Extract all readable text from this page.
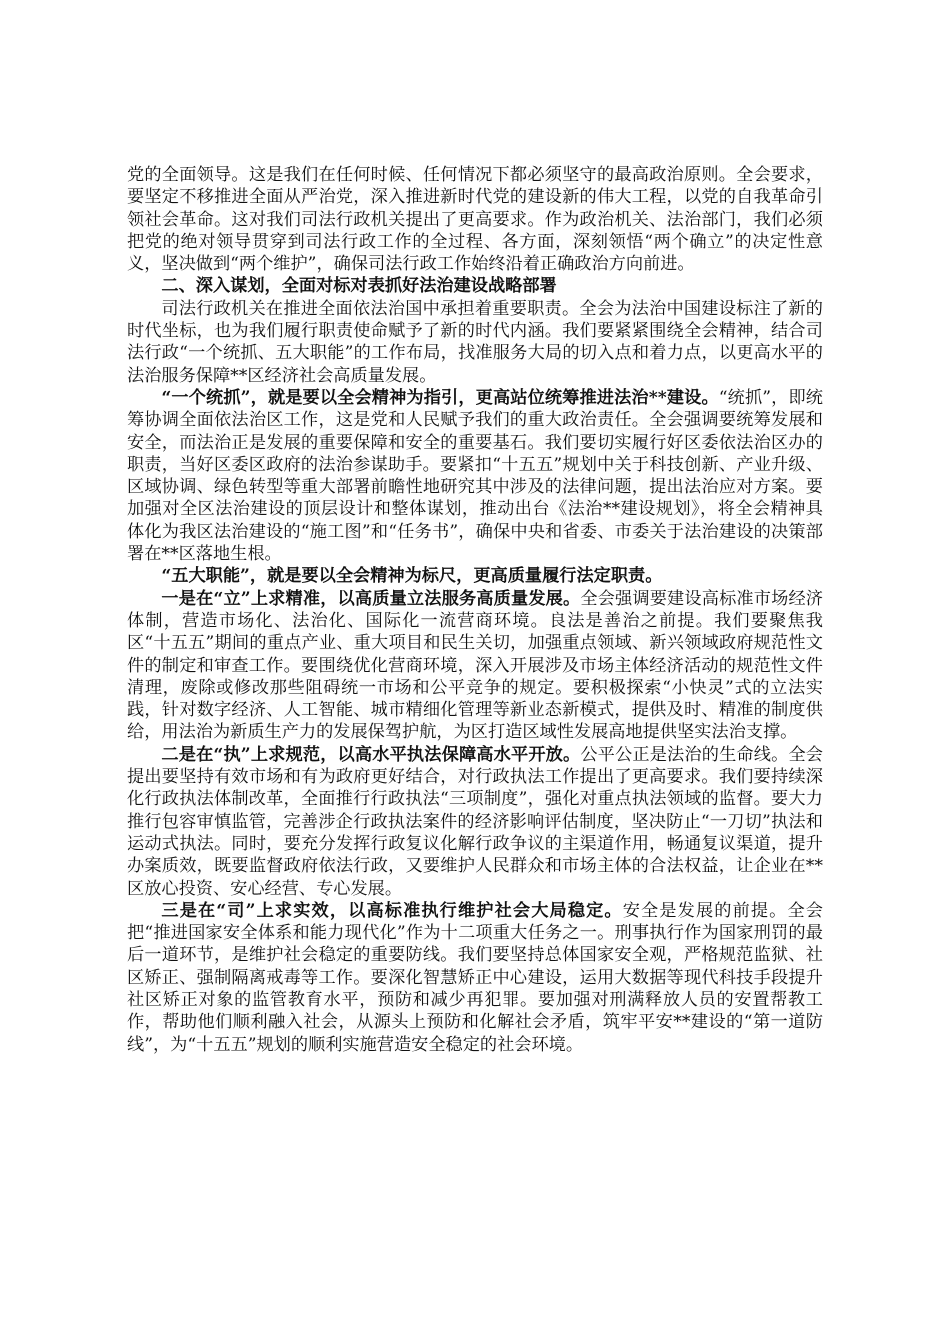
党的全面领导。这是我们在任何时候、任何情况下都必须坚守的最高政治原则。全会要求，要坚定不移推进全面从严治党，深入推进新时代党的建设新的伟大工程，以党的自我革命引领社会革命。这对我们司法行政机关提出了更高要求。作为政治机关、法治部门，我们必须把党的绝对领导贯穿到司法行政工作的全过程、各方面，深刻领悟“两个确立”的决定性意义，坚决做到“两个维护”，确保司法行政工作始终沿着正确政治方向前进。

二、深入谋划，全面对标对表抓好法治建设战略部署

司法行政机关在推进全面依法治国中承担着重要职责。全会为法治中国建设标注了新的时代坐标，也为我们履行职责使命赋予了新的时代内涵。我们要紧紧围绕全会精神，结合司法行政“一个统抓、五大职能”的工作布局，找准服务大局的切入点和着力点，以更高水平的法治服务保障**区经济社会高质量发展。

“一个统抓”，就是要以全会精神为指引，更高站位统筹推进法治**建设。“统抓”，即统筹协调全面依法治区工作，这是党和人民赋予我们的重大政治责任。全会强调要统筹发展和安全，而法治正是发展的重要保障和安全的重要基石。我们要切实履行好区委依法治区办的职责，当好区委区政府的法治参谋助手。要紧扣“十五五”规划中关于科技创新、产业升级、区域协调、绿色转型等重大部署前瞻性地研究其中涉及的法律问题，提出法治应对方案。要加强对全区法治建设的顶层设计和整体谋划，推动出台《法治**建设规划》，将全会精神具体化为我区法治建设的“施工图”和“任务书”，确保中央和省委、市委关于法治建设的决策部署在**区落地生根。

“五大职能”，就是要以全会精神为标尺，更高质量履行法定职责。

一是在“立”上求精准，以高质量立法服务高质量发展。全会强调要建设高标准市场经济体制，营造市场化、法治化、国际化一流营商环境。良法是善治之前提。我们要聚焦我区“十五五”期间的重点产业、重大项目和民生关切，加强重点领域、新兴领域政府规范性文件的制定和审查工作。要围绕优化营商环境，深入开展涉及市场主体经济活动的规范性文件清理，废除或修改那些阻碍统一市场和公平竞争的规定。要积极探索“小快灵”式的立法实践，针对数字经济、人工智能、城市精细化管理等新业态新模式，提供及时、精准的制度供给，用法治为新质生产力的发展保驾护航，为区打造区域性发展高地提供坚实法治支撑。

二是在“执”上求规范，以高水平执法保障高水平开放。公平公正是法治的生命线。全会提出要坚持有效市场和有为政府更好结合，对行政执法工作提出了更高要求。我们要持续深化行政执法体制改革，全面推行行政执法“三项制度”，强化对重点执法领域的监督。要大力推行包容审慎监管，完善涉企行政执法案件的经济影响评估制度，坚决防止“一刀切”执法和运动式执法。同时，要充分发挥行政复议化解行政争议的主渠道作用，畅通复议渠道，提升办案质效，既要监督政府依法行政，又要维护人民群众和市场主体的合法权益，让企业在**区放心投资、安心经营、专心发展。

三是在“司”上求实效，以高标准执行维护社会大局稳定。安全是发展的前提。全会把“推进国家安全体系和能力现代化”作为十二项重大任务之一。刑事执行作为国家刑罚的最后一道环节，是维护社会稳定的重要防线。我们要坚持总体国家安全观，严格规范监狱、社区矫正、强制隔离戒毒等工作。要深化智慧矫正中心建设，运用大数据等现代科技手段提升社区矫正对象的监管教育水平，预防和减少再犯罪。要加强对刑满释放人员的安置帮教工作，帮助他们顺利融入社会，从源头上预防和化解社会矛盾，筑牢平安**建设的“第一道防线”，为“十五五”规划的顺利实施营造安全稳定的社会环境。
